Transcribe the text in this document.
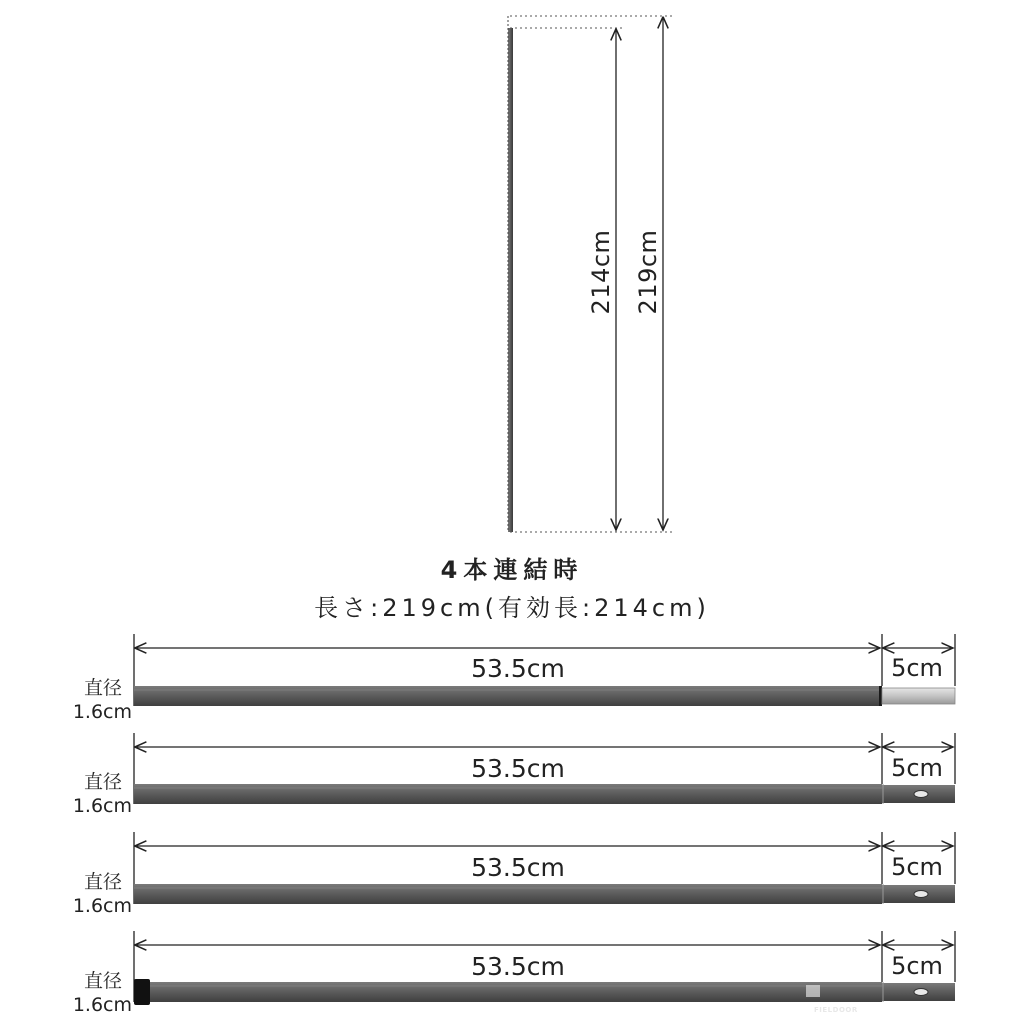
214cm 219cm
4本連結時
長さ:219cm(有効長:214cm)
53.5cm	5cm
直径
1.6cm
53.5cm	5cm
直径
1.6cm
53.5cm	5cm
直径
1.6cm
53.5cm	5cm
直径
1.6cm	FIELDOOR
